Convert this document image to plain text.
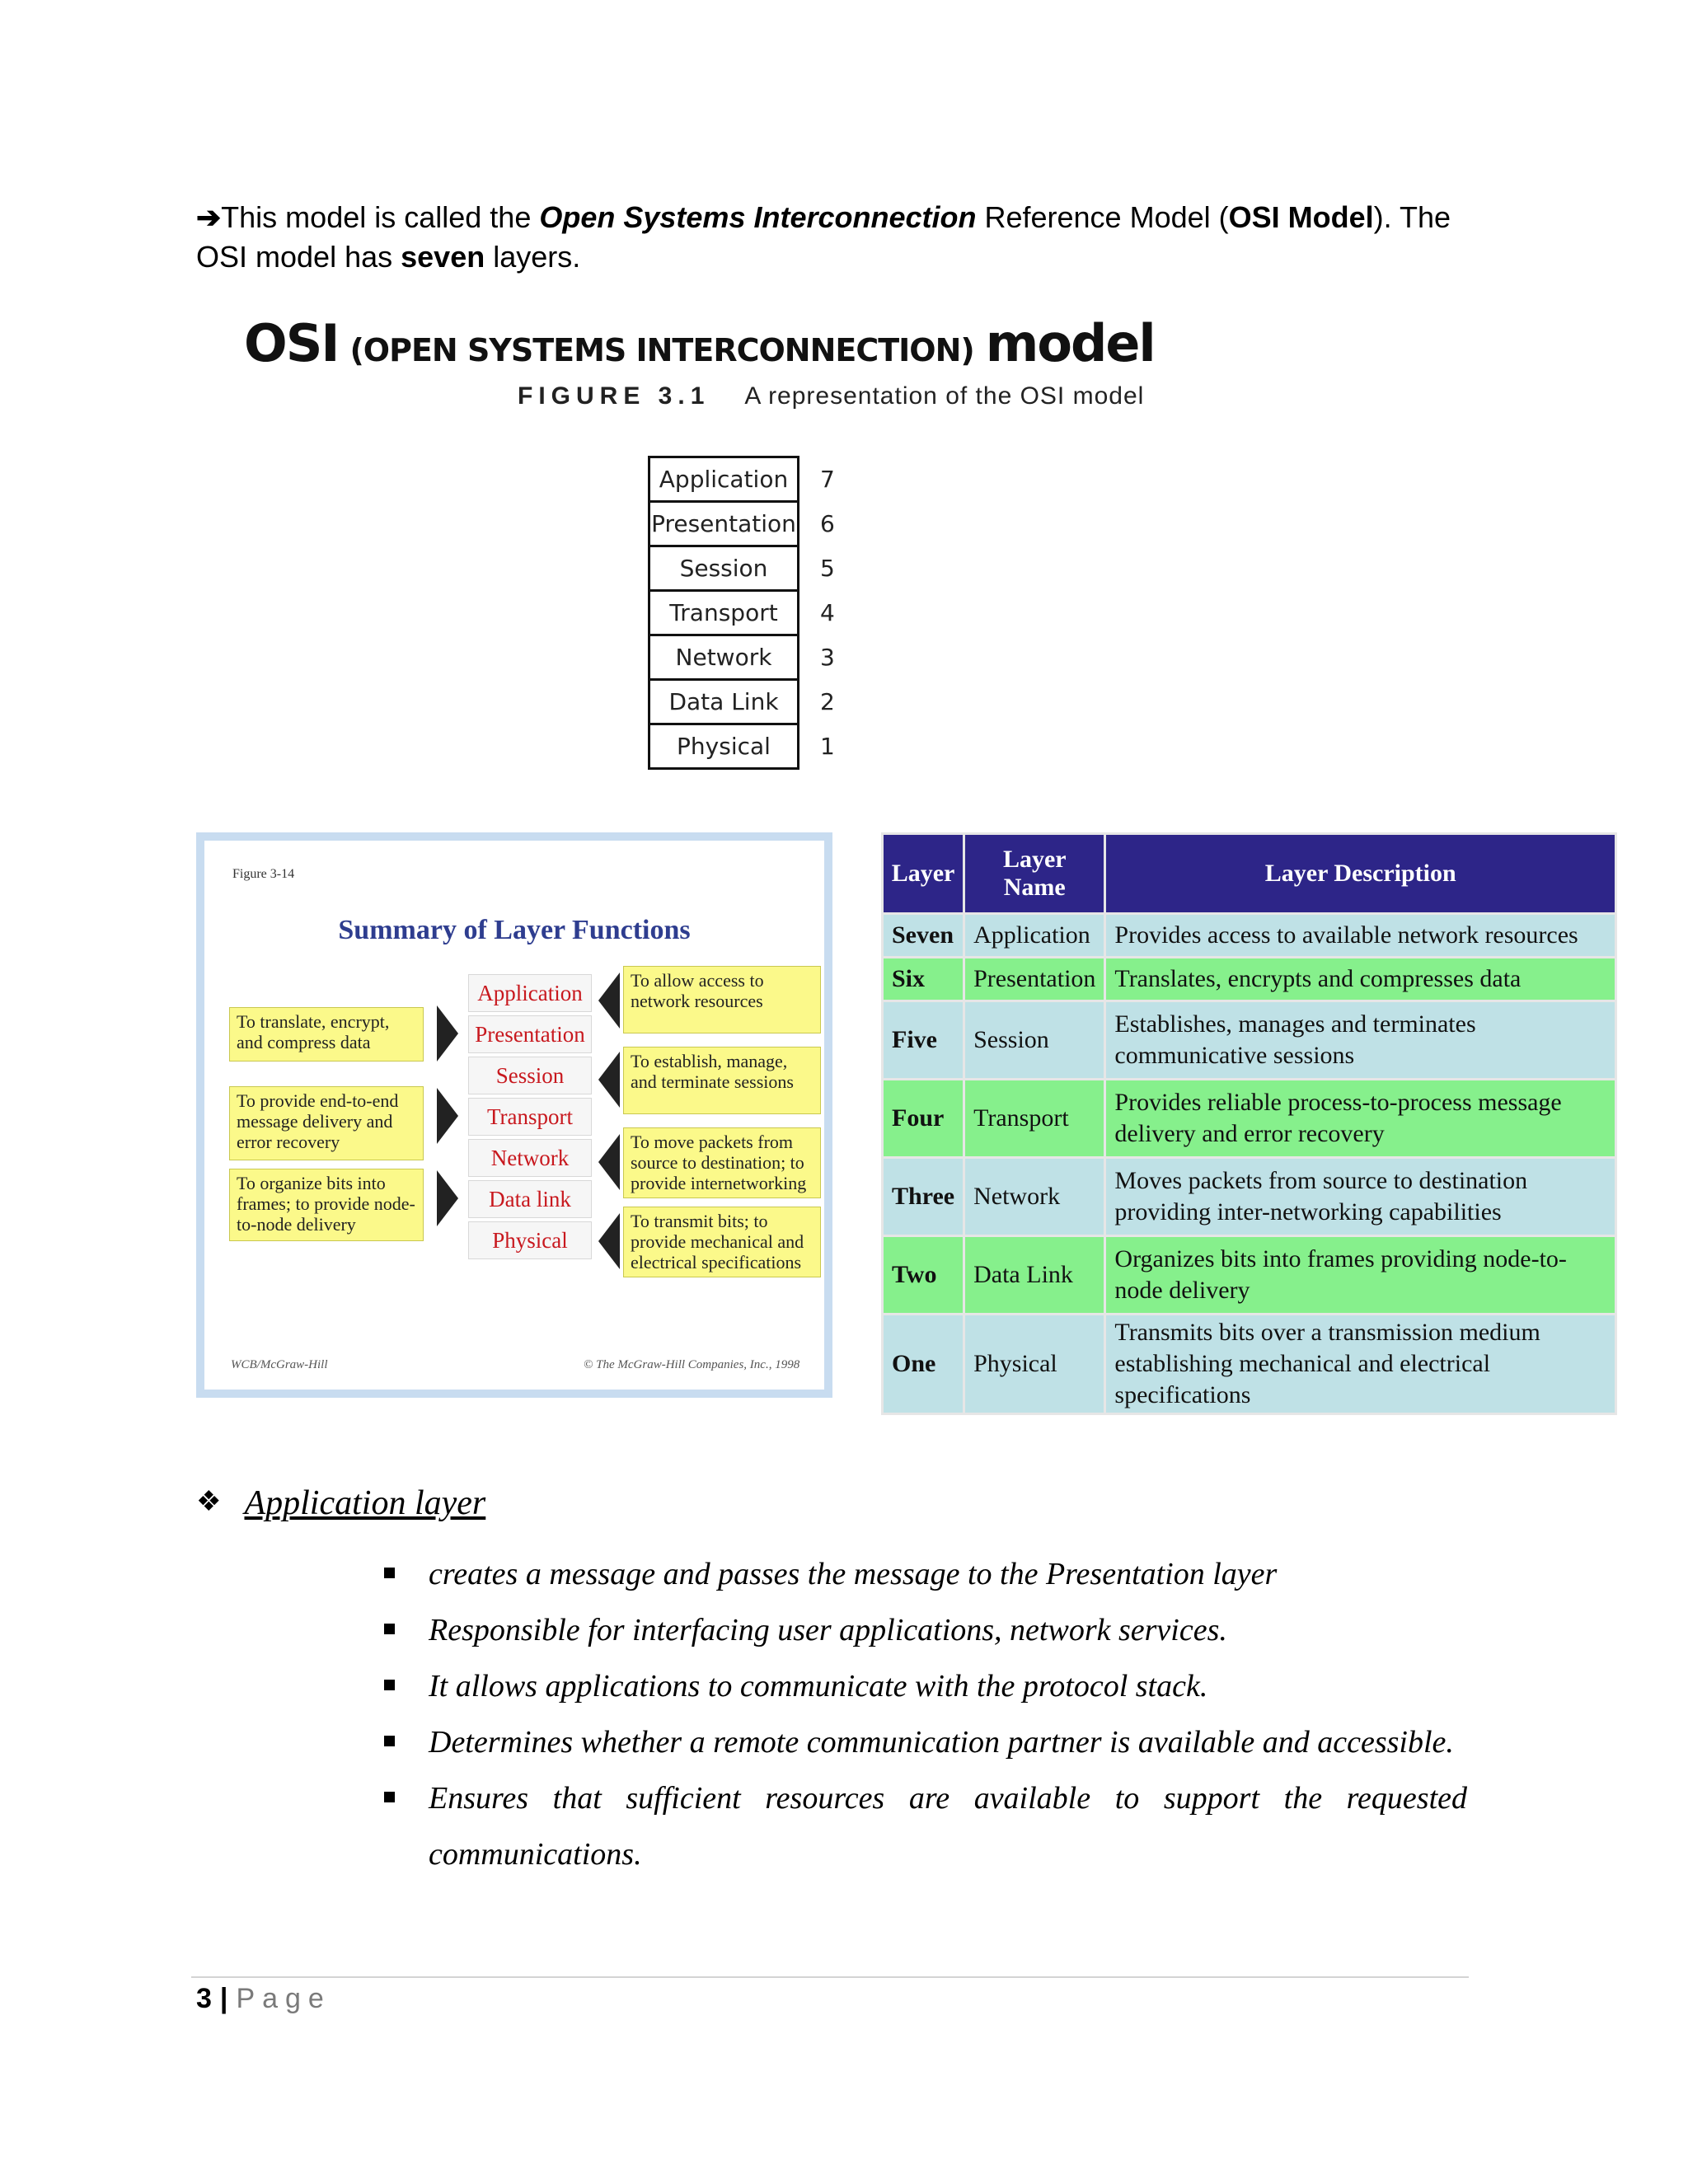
➔This model is called the Open Systems Interconnection Reference Model (OSI Model). The OSI model has seven layers.

OSI (OPEN SYSTEMS INTERCONNECTION) model
FIGURE 3.1 A representation of the OSI model
Application	7
Presentation 6
Session	5
Transport	4
Network	3
Data Link	2
Physical	1
Figure 3-14
Summary of Layer Functions
Application
Presentation
Session
Transport
Network
Data link
Physical
To translate, encrypt, and compress data
To provide end-to-end message delivery and error recovery
To organize bits into frames; to provide node-to-node delivery
To allow access to network resources
To establish, manage, and terminate sessions
To move packets from source to destination; to provide internetworking
To transmit bits; to provide mechanical and electrical specifications
WCB/McGraw-Hill	© The McGraw-Hill Companies, Inc., 1998
Layer	Layer Name	Layer Description
Seven	Application	Provides access to available network resources
Six	Presentation	Translates, encrypts and compresses data
Five	Session	Establishes, manages and terminates communicative sessions
Four	Transport	Provides reliable process-to-process message delivery and error recovery
Three	Network	Moves packets from source to destination providing inter-networking capabilities
Two	Data Link	Organizes bits into frames providing node-to-node delivery
One	Physical	Transmits bits over a transmission medium establishing mechanical and electrical specifications
❖ Application layer
creates a message and passes the message to the Presentation layer
Responsible for interfacing user applications, network services.
It allows applications to communicate with the protocol stack.
Determines whether a remote communication partner is available and accessible.
Ensures that sufficient resources are available to support the requested communications.
3 | Page
